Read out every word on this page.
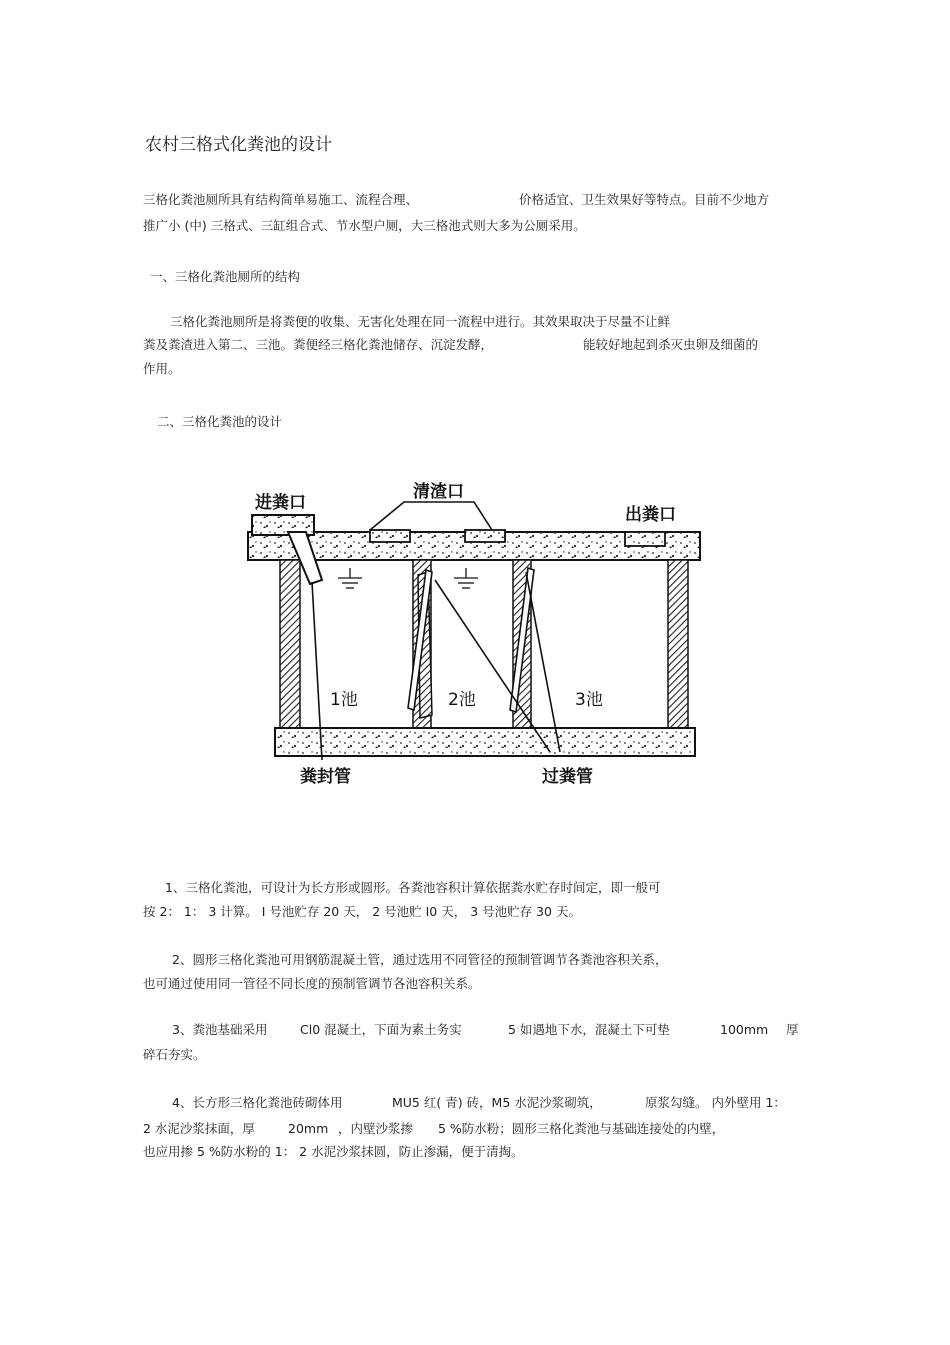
农村三格式化粪池的设计
三格化粪池厕所具有结构简单易施工、流程合理、	价格适宜、卫生效果好等特点。目前不少地方
推广小 (中) 三格式、三缸组合式、节水型户厕，大三格池式则大多为公厕采用。
一、三格化粪池厕所的结构
三格化粪池厕所是将粪便的收集、无害化处理在同一流程中进行。其效果取决于尽量不让鲜
粪及粪渣进入第二、三池。粪便经三格化粪池储存、沉淀发酵，	能较好地起到杀灭虫卵及细菌的
作用。
二、三格化粪池的设计
进粪口
清渣口
出粪口
1池	2池	3池
粪封管	过粪管
1、三格化粪池，可设计为长方形或圆形。各粪池容积计算依据粪水贮存时间定，即一般可
按 2： 1： 3 计算。 I 号池贮存 20 天， 2 号池贮 I0 天， 3 号池贮存 30 天。
2、圆形三格化粪池可用钢筋混凝土管，通过选用不同管径的预制管调节各粪池容积关系，
也可通过使用同一管径不同长度的预制管调节各池容积关系。
3、粪池基础采用	Cl0 混凝土，下面为素土务实	5 如遇地下水，混凝土下可垫	100mm 厚
碎石夯实。
4、长方形三格化粪池砖砌体用	MU5 红( 青) 砖，M5 水泥沙浆砌筑，	原浆勾缝。 内外壁用 1：
2 水泥沙浆抹面，厚	20mm ，内壁沙浆掺 5 %防水粉；圆形三格化粪池与基础连接处的内壁，
也应用掺 5 %防水粉的 1： 2 水泥沙浆抹圆，防止渗漏，便于清掏。
